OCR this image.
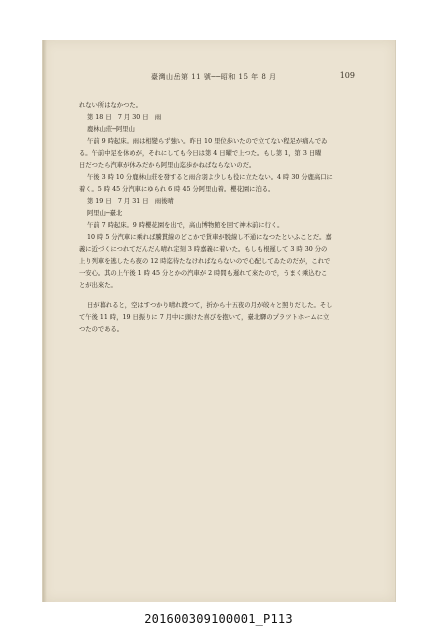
臺灣山岳第 11 號──昭和 15 年 8 月	109
れない所はなかつた。
第 18 日　7 月 30 日　雨
鹿林山莊─阿里山
午前 9 時起床。雨は相變らず強い。昨日 10 里位歩いたので立てない程足が痛んでゐ
る。午前中足を休めが，それにしても今日は第 4 日曜で上つた。もし第 1，第 3 日曜
日だつたら汽車が休みだから阿里山迄歩かねばならないのだ。
午後 3 時 10 分鹿林山莊を發すると雨合羽よ少しも役に立たない。4 時 30 分鹿高口に
着く。5 時 45 分汽車にゆられ 6 時 45 分阿里山着。櫻花園に泊る。
第 19 日　7 月 31 日　雨後晴
阿里山─臺北
午前 7 時起床。9 時櫻花園を出で，高山博物館を回て神木前に行く。
10 時 5 分汽車に乘れば騰貫線のどこかで貨車が脱線し不通になつたといふことだ。嘉
義に近づくにつれてだんだん晴れ定刻 3 時嘉義に着いた。もしも根遲して 3 時 30 分の
上り列車を逃したら夜の 12 時迄待たなければならないので心配してゐたのだが，これで
一安心。其の上午後 1 時 45 分とかの汽車が 2 時間も遲れて來たので，うまく乘込むこ
とが出來た。
日が暮れると，空はすつかり晴れ渡つて，折から十五夜の月が皎々と照りだした。そし
て午後 11 時，19 日振りに 7 月中に頭けた喜びを抱いて，臺北驛のプラツトホームに立
つたのである。
201600309100001_P113
